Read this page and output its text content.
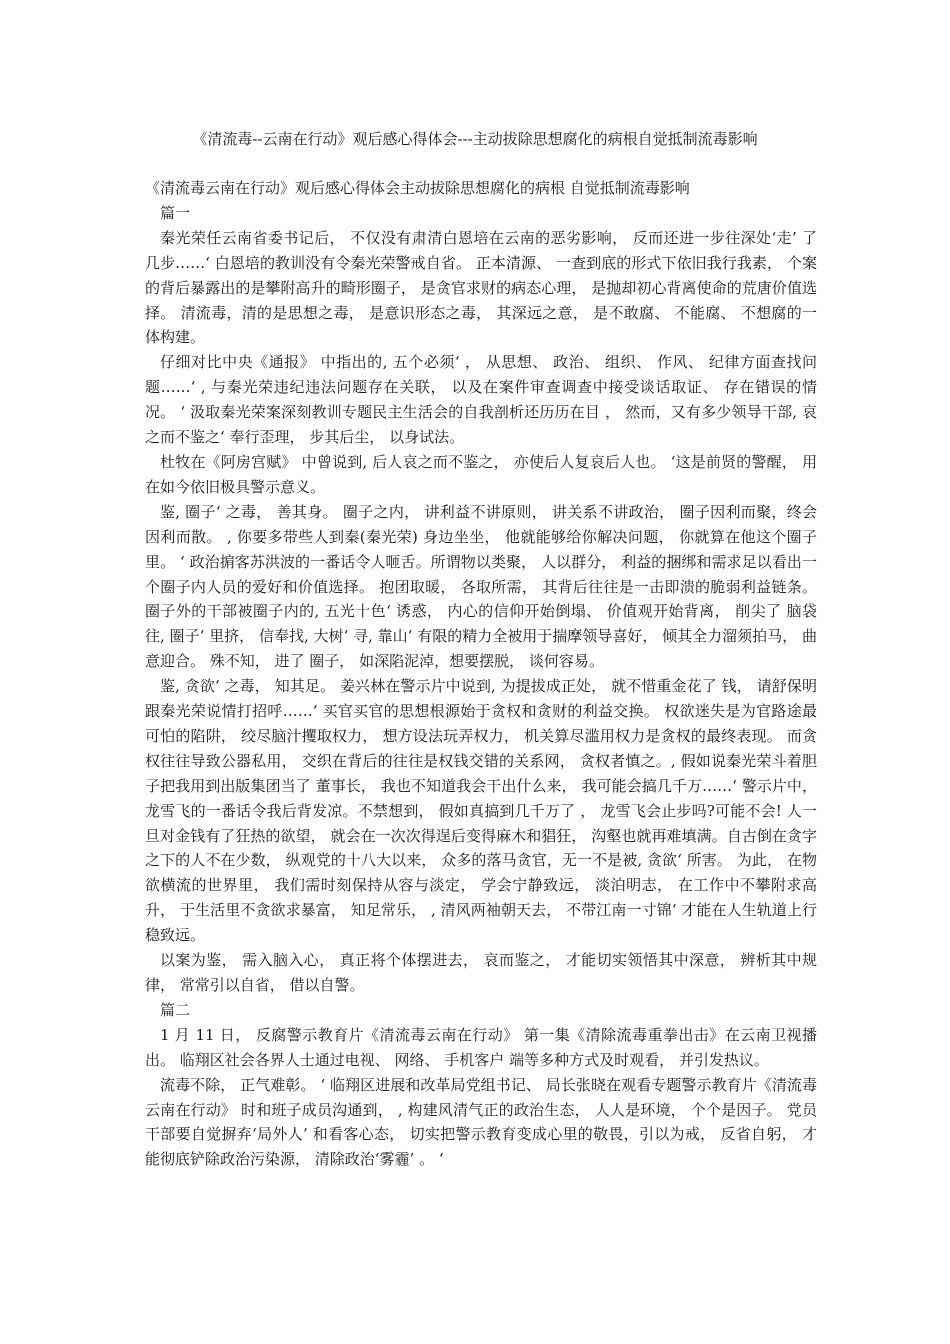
《清流毒--云南在行动》观后感心得体会---主动拔除思想腐化的病根自觉抵制流毒影响

《清流毒云南在行动》观后感心得体会主动拔除思想腐化的病根 自觉抵制流毒影响

篇一

秦光荣任云南省委书记后， 不仅没有肃清白恩培在云南的恶劣影响， 反而还进一步往深处‘走’ 了 几步……‘ 白恩培的教训没有令秦光荣警戒自省。 正本清源、 一查到底的形式下依旧我行我素， 个案的背后暴露出的是攀附高升的畸形圈子， 是贪官求财的病态心理， 是抛却初心背离使命的荒唐价值选择。 清流毒，清的是思想之毒， 是意识形态之毒， 其深远之意， 是不敢腐、 不能腐、 不想腐的一体构建。

仔细对比中央《通报》 中指出的, 五个必须‘ ， 从思想、 政治、 组织、 作风、 纪律方面查找问题……‘ , 与秦光荣违纪违法问题存在关联， 以及在案件审查调查中接受谈话取证、 存在错误的情况。 ‘ 汲取秦光荣案深刻教训专题民主生活会的自我剖析还历历在目 ， 然而，又有多少领导干部, 哀之而不鉴之‘ 奉行歪理， 步其后尘， 以身试法。

杜牧在《阿房宫赋》 中曾说到, 后人哀之而不鉴之， 亦使后人复哀后人也。 ‘这是前贤的警醒， 用在如今依旧极具警示意义。

鉴, 圈子‘ 之毒， 善其身。 圈子之内， 讲利益不讲原则， 讲关系不讲政治， 圈子因利而聚，终会因利而散。 , 你要多带些人到秦(秦光荣) 身边坐坐， 他就能够给你解决问题， 你就算在他这个圈子里。 ‘ 政治掮客苏洪波的一番话令人咂舌。所谓物以类聚， 人以群分， 利益的捆绑和需求足以看出一个圈子内人员的爱好和价值选择。 抱团取暖， 各取所需， 其背后往往是一击即溃的脆弱利益链条。 圈子外的干部被圈子内的, 五光十色‘ 诱惑， 内心的信仰开始倒塌、 价值观开始背离， 削尖了 脑袋往, 圈子‘ 里挤， 信奉找, 大树‘ 寻, 靠山‘ 有限的精力全被用于揣摩领导喜好， 倾其全力溜须拍马， 曲意迎合。 殊不知， 进了 圈子， 如深陷泥淖，想要摆脱， 谈何容易。

鉴, 贪欲‘ 之毒， 知其足。 姜兴林在警示片中说到, 为提拔成正处， 就不惜重金花了 钱， 请舒保明跟秦光荣说情打招呼……‘ 买官买官的思想根源始于贪权和贪财的利益交换。 权欲迷失是为官路途最可怕的陷阱， 绞尽脑汁攫取权力， 想方设法玩弄权力， 机关算尽滥用权力是贪权的最终表现。 而贪权往往导致公器私用， 交织在背后的往往是权钱交错的关系网， 贪权者慎之。, 假如说秦光荣斗着胆子把我用到出版集团当了 董事长， 我也不知道我会干出什么来， 我可能会搞几千万……‘ 警示片中， 龙雪飞的一番话令我后背发凉。不禁想到， 假如真搞到几千万了 ， 龙雪飞会止步吗?可能不会! 人一旦对金钱有了狂热的欲望， 就会在一次次得逞后变得麻木和猖狂， 沟壑也就再难填满。自古倒在贪字之下的人不在少数， 纵观党的十八大以来， 众多的落马贪官，无一不是被, 贪欲‘ 所害。 为此， 在物欲横流的世界里， 我们需时刻保持从容与淡定， 学会宁静致远， 淡泊明志， 在工作中不攀附求高升， 于生活里不贪欲求暴富， 知足常乐， , 清风两袖朝天去， 不带江南一寸锦‘ 才能在人生轨道上行稳致远。

以案为鉴， 需入脑入心， 真正将个体摆进去， 哀而鉴之， 才能切实领悟其中深意， 辨析其中规律， 常常引以自省， 借以自警。

篇二

1 月 11 日， 反腐警示教育片《清流毒云南在行动》 第一集《清除流毒重拳出击》在云南卫视播出。 临翔区社会各界人士通过电视、 网络、 手机客户 端等多种方式及时观看， 并引发热议。

流毒不除， 正气难彰。 ‘ 临翔区进展和改革局党组书记、 局长张晓在观看专题警示教育片《清流毒云南在行动》 时和班子成员沟通到， , 构建风清气正的政治生态， 人人是环境， 个个是因子。 党员干部要自觉摒弃‘局外人’ 和看客心态， 切实把警示教育变成心里的敬畏，引以为戒， 反省自躬， 才能彻底铲除政治污染源， 清除政治‘雾霾’ 。 ‘
